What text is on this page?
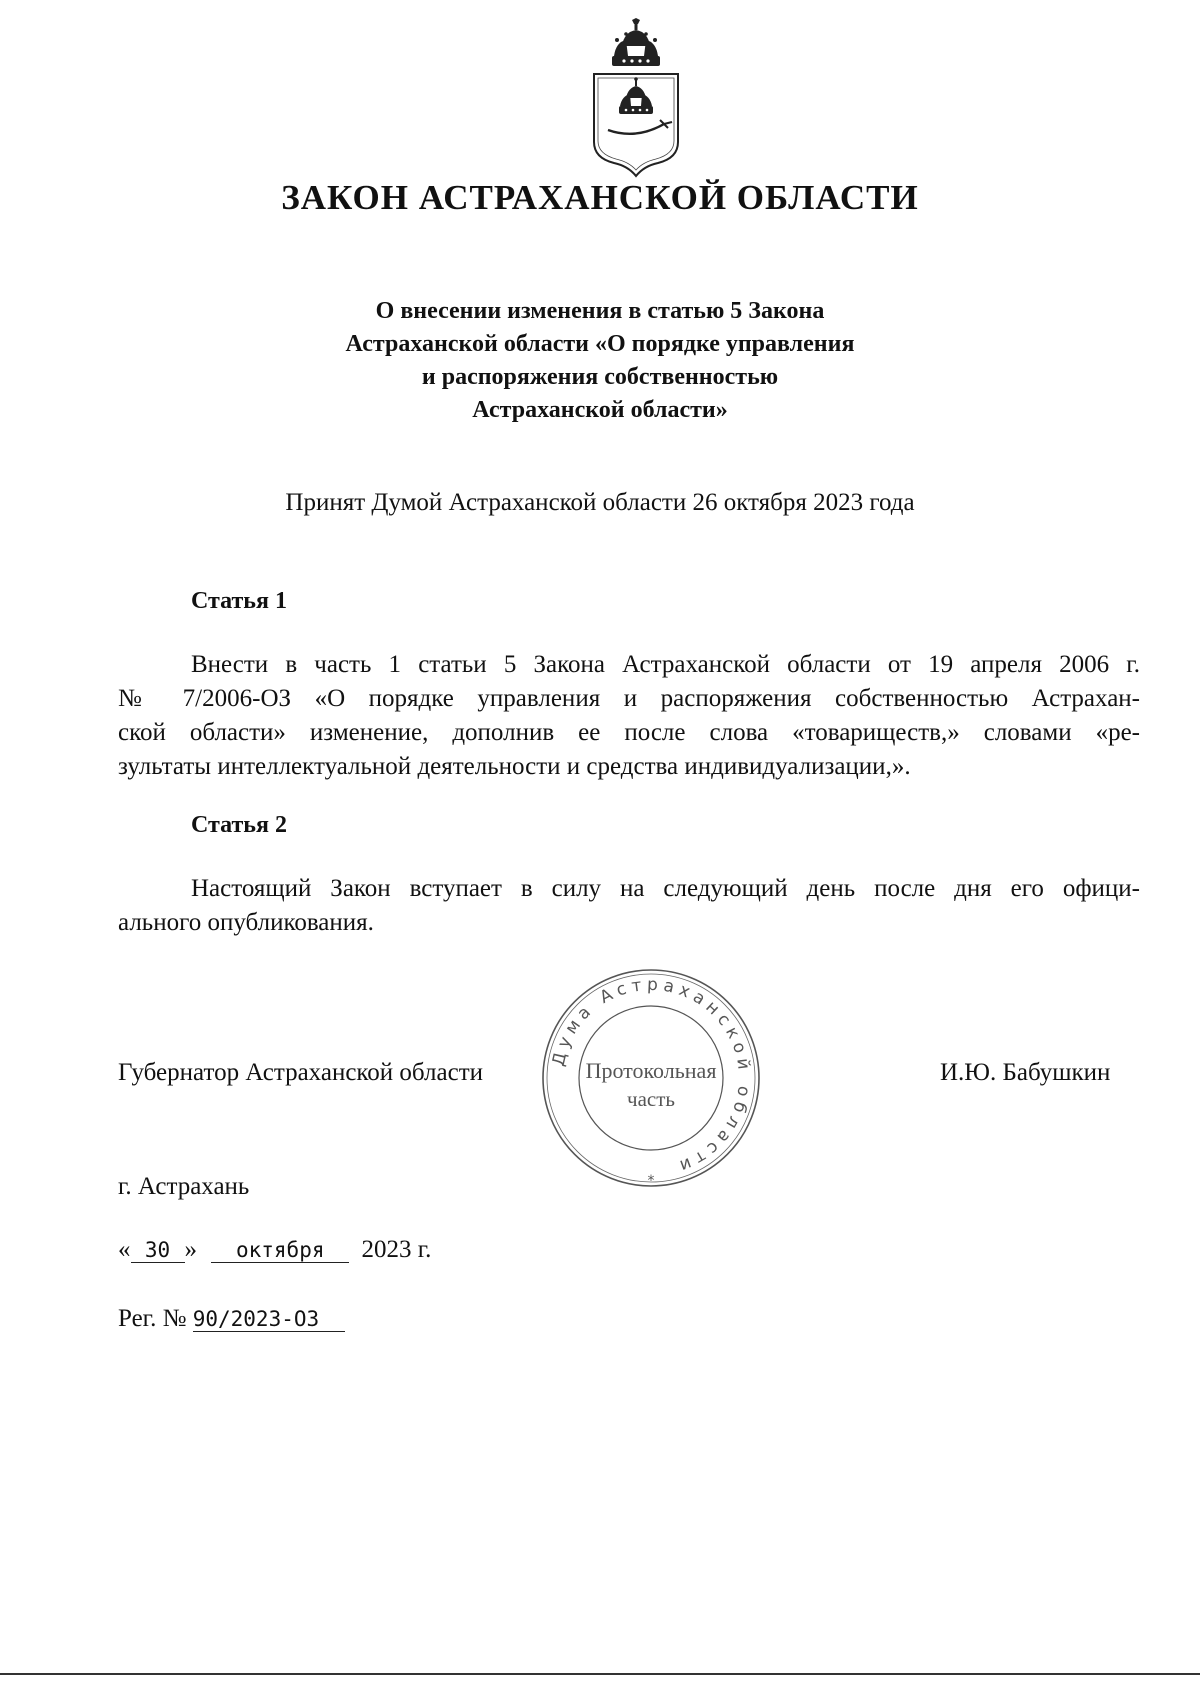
ЗАКОН АСТРАХАНСКОЙ ОБЛАСТИ
О внесении изменения в статью 5 Закона
Астраханской области «О порядке управления
и распоряжения собственностью
Астраханской области»
Принят Думой Астраханской области 26 октября 2023 года
Статья 1
Внести в часть 1 статьи 5 Закона Астраханской области от 19 апреля 2006 г.
№ 7/2006-ОЗ «О порядке управления и распоряжения собственностью Астрахан-
ской области» изменение, дополнив ее после слова «товариществ,» словами «ре-
зультаты интеллектуальной деятельности и средства индивидуализации,».
Статья 2
Настоящий Закон вступает в силу на следующий день после дня его офици-
ального опубликования.
Губернатор Астраханской области	И.Ю. Бабушкин
Дума Астраханской области
Протокольная
часть
*
г. Астрахань
« 30 » октября 2023 г.
Рег. № 90/2023-ОЗ
